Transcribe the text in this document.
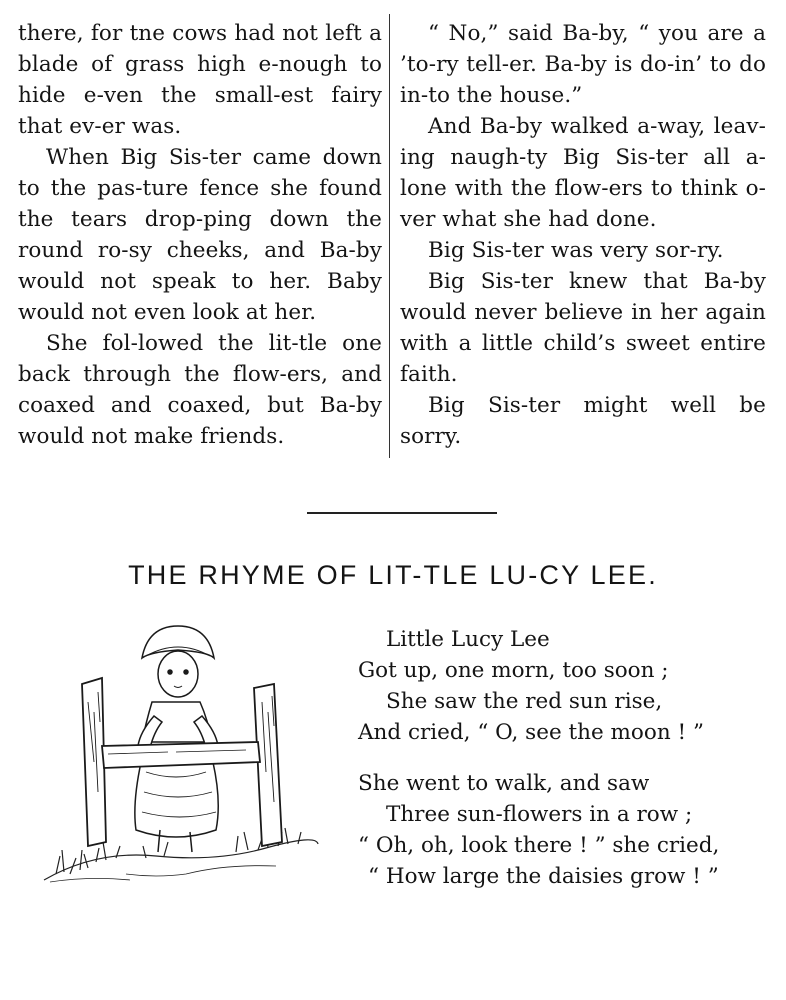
there, for tne cows had not left a blade of grass high e-nough to hide e-ven the small-est fairy that ev-er was.

When Big Sis-ter came down to the pas-ture fence she found the tears drop-ping down the round ro-sy cheeks, and Ba-by would not speak to her. Baby would not even look at her.

She fol-lowed the lit-tle one back through the flow-ers, and coaxed and coaxed, but Ba-by would not make friends.

“ No,” said Ba-by, “ you are a ’to-ry tell-er. Ba-by is do-in’ to do in-to the house.”

And Ba-by walked a-way, leav-ing naugh-ty Big Sis-ter all a-lone with the flow-ers to think o-ver what she had done.

Big Sis-ter was very sor-ry.

Big Sis-ter knew that Ba-by would never believe in her again with a little child’s sweet entire faith.

Big Sis-ter might well be sorry.

THE RHYME OF LIT-TLE LU-CY LEE.
Little Lucy Lee
Got up, one morn, too soon ;
She saw the red sun rise,
And cried, “ O, see the moon ! ”
She went to walk, and saw
Three sun-flowers in a row ;
“ Oh, oh, look there ! ” she cried,
“ How large the daisies grow ! ”
